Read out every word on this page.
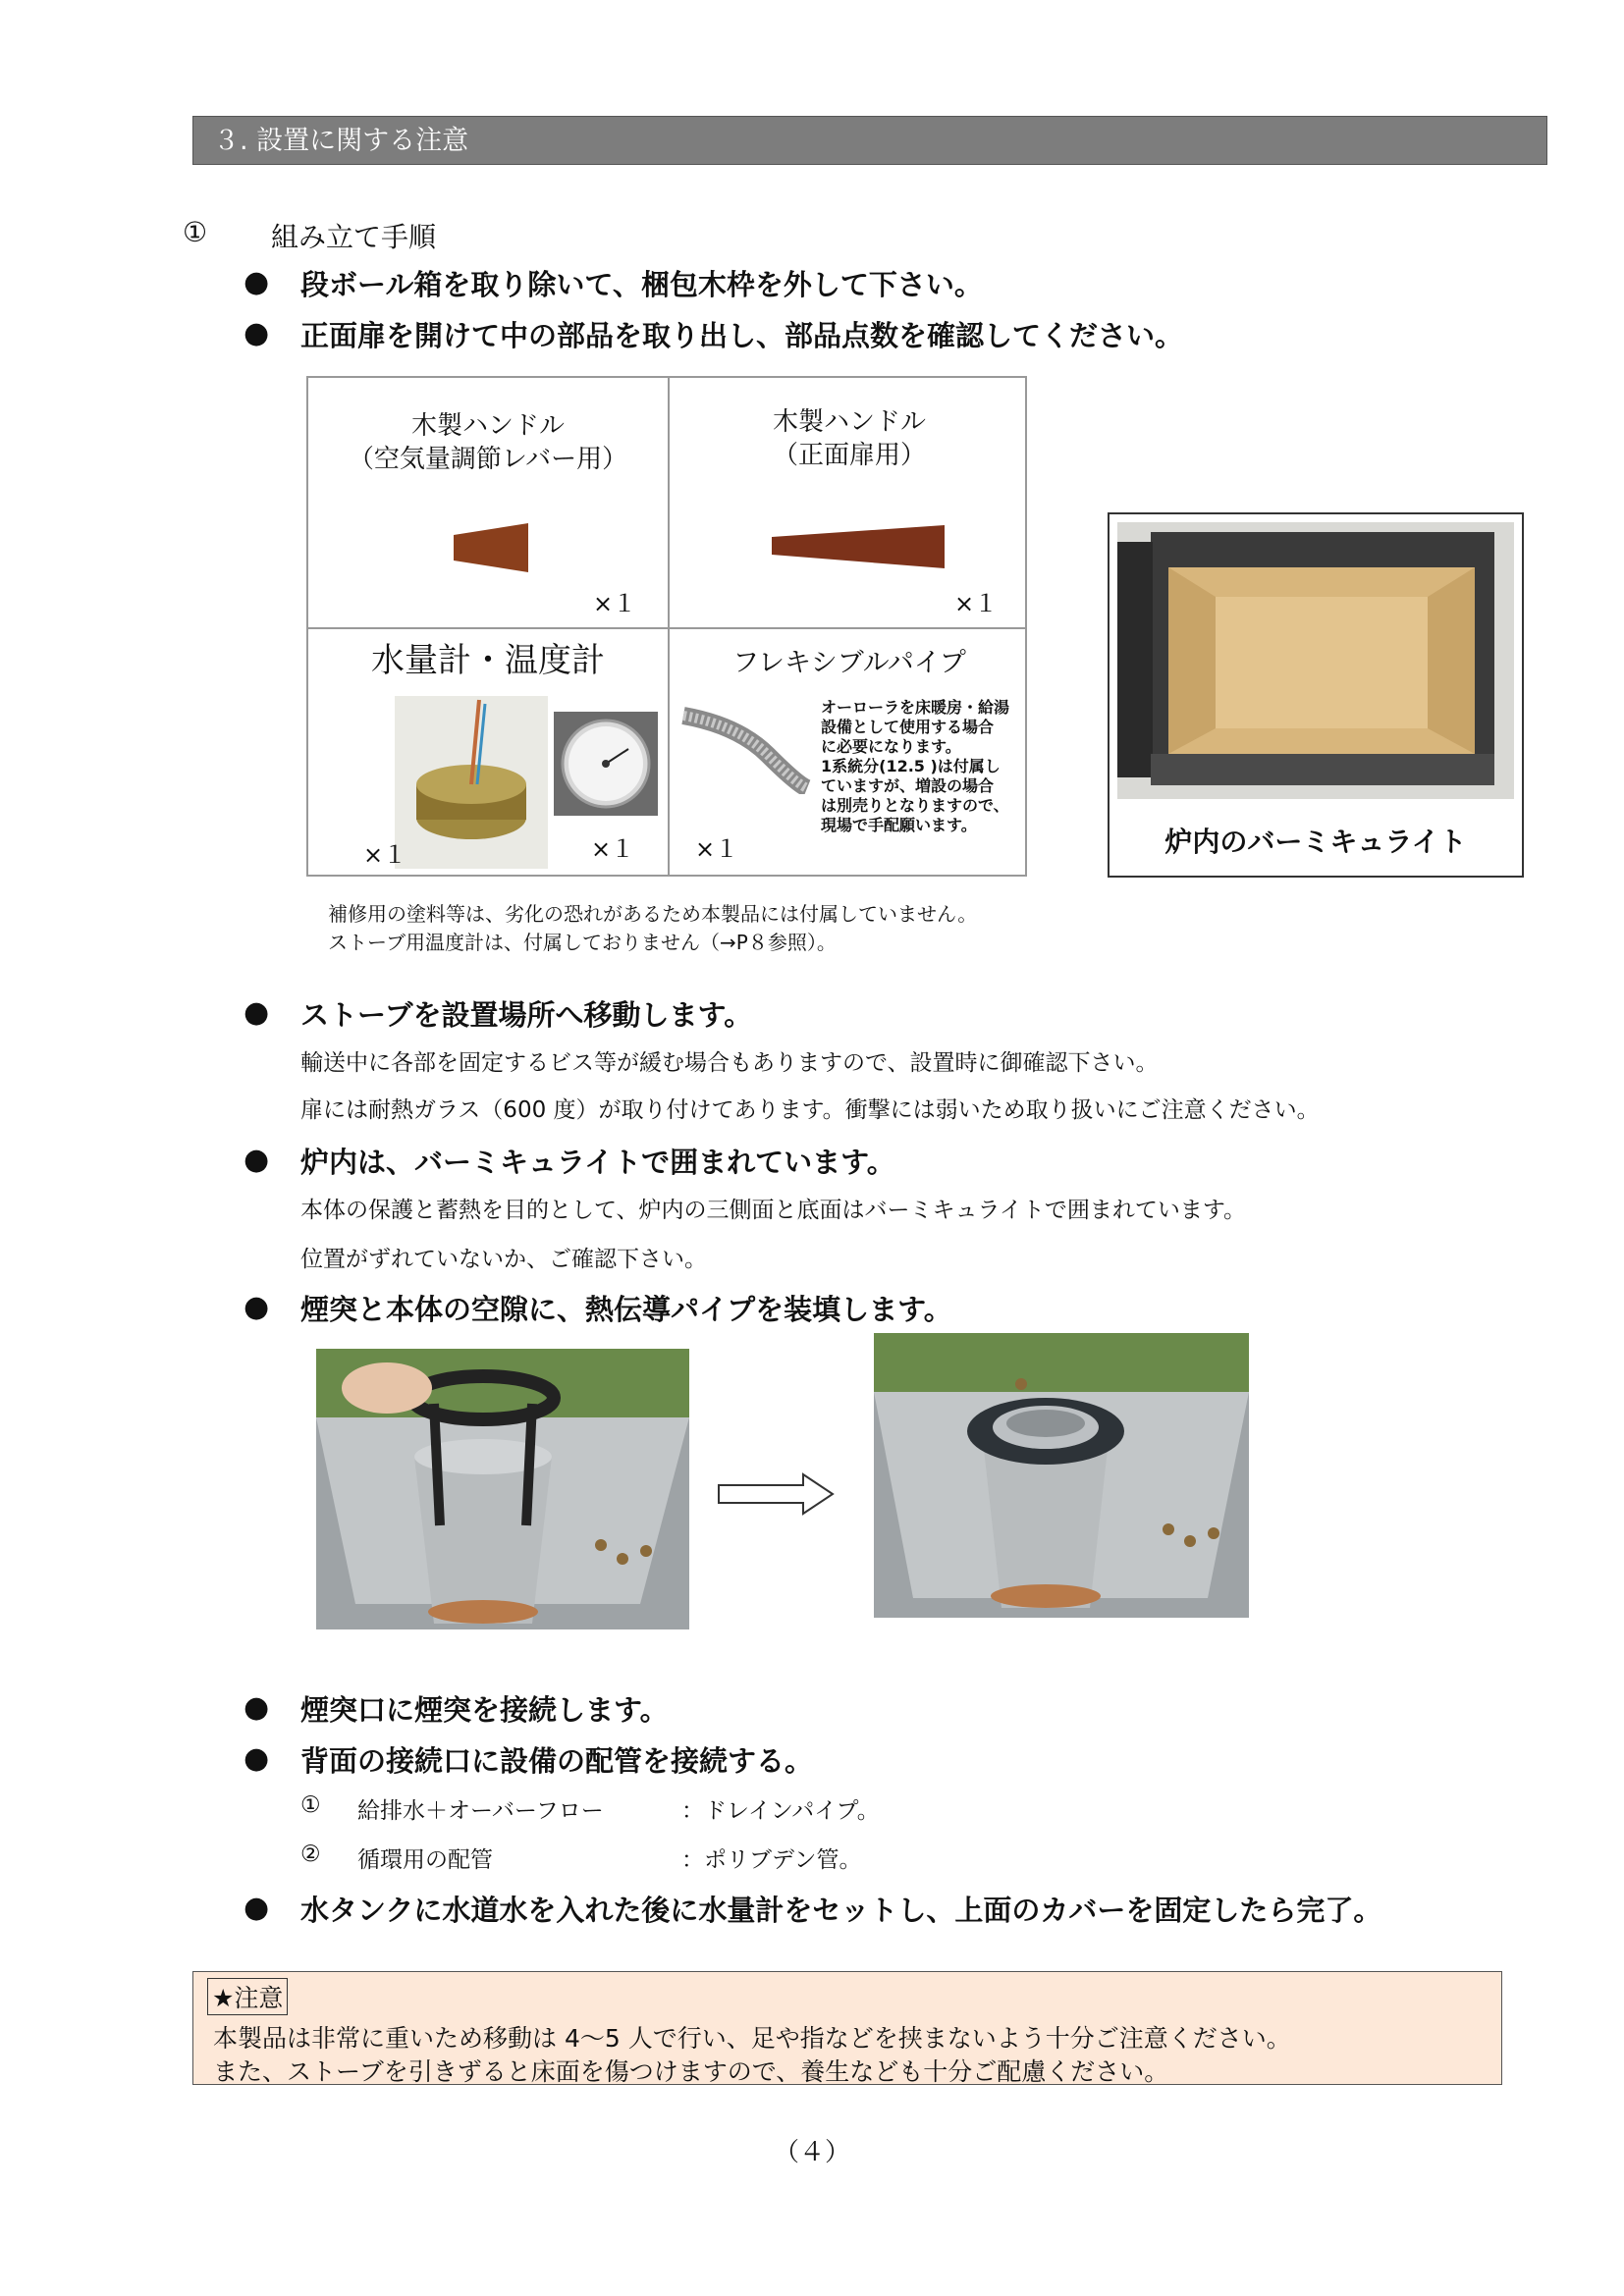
３. 設置に関する注意
① 組み立て手順
● 段ボール箱を取り除いて、梱包木枠を外して下さい。
● 正面扉を開けて中の部品を取り出し、部品点数を確認してください。
木製ハンドル
（空気量調節レバー用）
×１
木製ハンドル
（正面扉用）
×１
水量計・温度計
×１	×１
フレキシブルパイプ
オーローラを床暖房・給湯
設備として使用する場合
に必要になります。
1系統分(12.5 )は付属し
ていますが、増設の場合
は別売りとなりますので、
現場で手配願います。
×１	炉内のバーミキュライト
補修用の塗料等は、劣化の恐れがあるため本製品には付属していません。
ストーブ用温度計は、付属しておりません（→P８参照）。
● ストーブを設置場所へ移動します。
輸送中に各部を固定するビス等が緩む場合もありますので、設置時に御確認下さい。
扉には耐熱ガラス（600 度）が取り付けてあります。衝撃には弱いため取り扱いにご注意ください。
● 炉内は、バーミキュライトで囲まれています。
本体の保護と蓄熱を目的として、炉内の三側面と底面はバーミキュライトで囲まれています。
位置がずれていないか、ご確認下さい。
● 煙突と本体の空隙に、熱伝導パイプを装填します。
● 煙突口に煙突を接続します。
● 背面の接続口に設備の配管を接続する。
① 給排水＋オーバーフロー	：ドレインパイプ。
② 循環用の配管	：ポリブデン管。
● 水タンクに水道水を入れた後に水量計をセットし、上面のカバーを固定したら完了。
★注意
本製品は非常に重いため移動は 4～5 人で行い、足や指などを挟まないよう十分ご注意ください。
また、ストーブを引きずると床面を傷つけますので、養生なども十分ご配慮ください。
（４）
